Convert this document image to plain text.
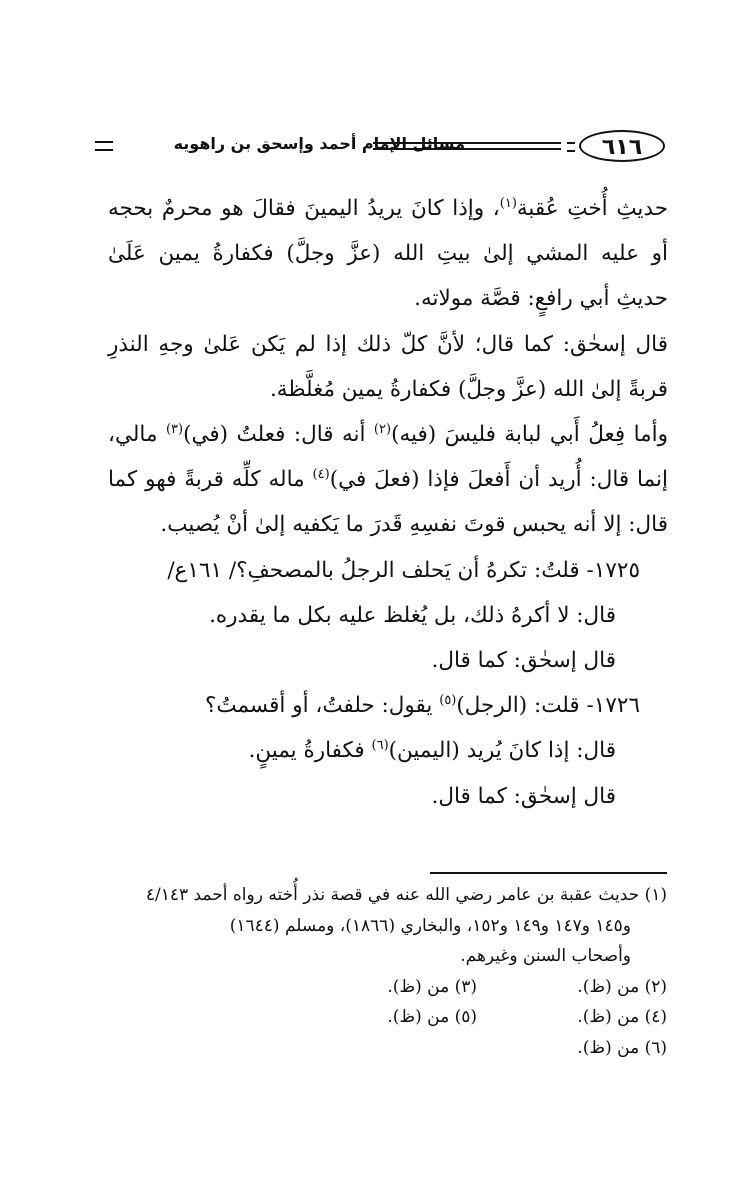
٦١٦
مسائل الإمام أحمد وإسحق بن راهويه

حديثِ أُختِ عُقبة$^{(١)}$، وإذا كانَ يريدُ اليمينَ فقالَ هو محرمٌ بحجه أو عليه المشي إلىٰ بيتِ الله (عزَّ وجلَّ) فكفارةُ يمين عَلَىٰ حديثِ أبي رافعٍ: قصَّة مولاته.

قال إسحٰق: كما قال؛ لأنَّ كلّ ذلك إذا لم يَكن عَلىٰ وجهِ النذرِ قربةً إلىٰ الله (عزَّ وجلَّ) فكفارةُ يمين مُغلَّظة.

وأما فِعلُ أَبي لبابة فليسَ (فيه)$^{(٢)}$ أنه قال: فعلتُ (في)$^{(٣)}$ مالي، إنما قال: أُريد أن أَفعلَ فإذا (فعلَ في)$^{(٤)}$ ماله كلِّه قربةً فهو كما قال: إلا أنه يحبس قوتَ نفسِهِ قَدرَ ما يَكفيه إلىٰ أنْ يُصيب.

١٧٢٥- قلتُ: تكرهُ أن يَحلف الرجلُ بالمصحفِ؟/ ١٦١ع/

قال: لا أكرهُ ذلك، بل يُغلظ عليه بكل ما يقدره.

قال إسحٰق: كما قال.

١٧٢٦- قلت: (الرجل)$^{(٥)}$ يقول: حلفتُ، أو أقسمتُ؟

قال: إذا كانَ يُريد (اليمين)$^{(٦)}$ فكفارةُ يمينٍ.

قال إسحٰق: كما قال.

(١) حديث عقبة بن عامر رضي الله عنه في قصة نذر أُخته رواه أحمد ٤/١٤٣

و١٤٥ و١٤٧ و١٤٩ و١٥٢، والبخاري (١٨٦٦)، ومسلم (١٦٤٤)

وأصحاب السنن وغيرهم.

(٢) من (ظ).
(٣) من (ظ).
(٤) من (ظ).
(٥) من (ظ).
(٦) من (ظ).
